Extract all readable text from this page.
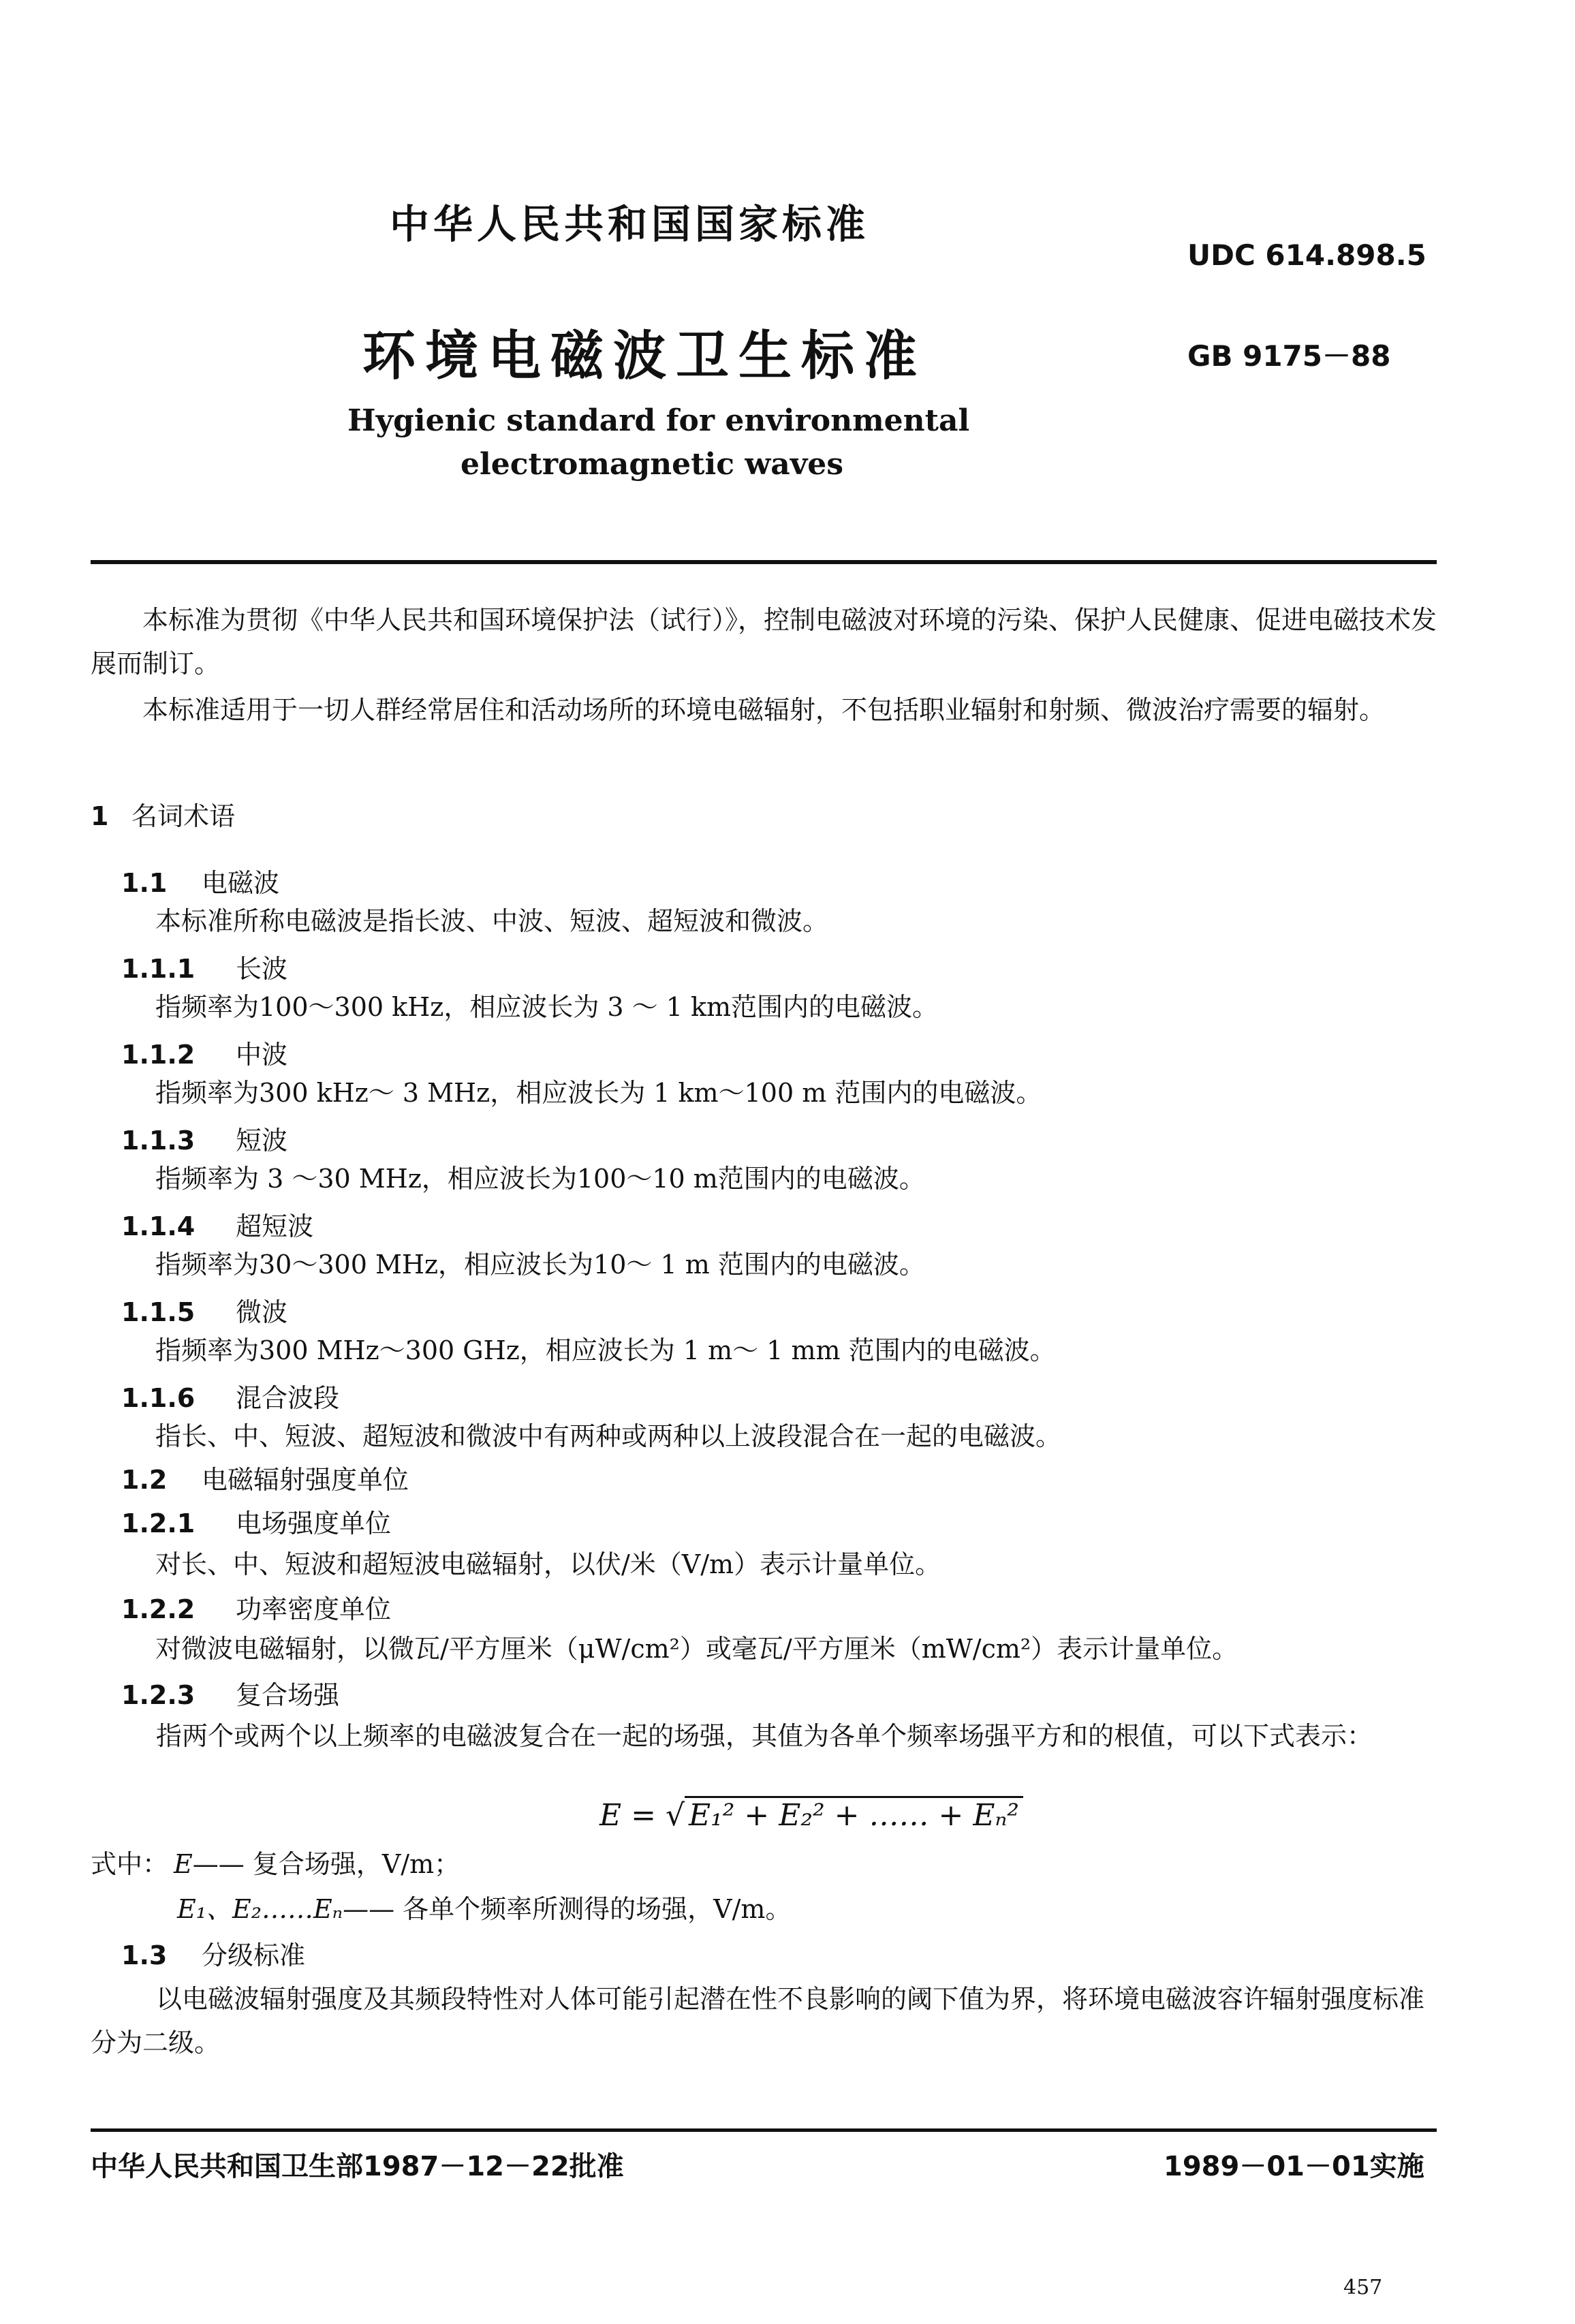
中华人民共和国国家标准
UDC 614.898.5
环境电磁波卫生标准	GB 9175－88
Hygienic standard for environmental
electromagnetic waves
本标准为贯彻《中华人民共和国环境保护法（试行）》，控制电磁波对环境的污染、保护人民健康、促进电磁技术发展而制订。
本标准适用于一切人群经常居住和活动场所的环境电磁辐射，不包括职业辐射和射频、微波治疗需要的辐射。
1 名词术语
1.1 电磁波
本标准所称电磁波是指长波、中波、短波、超短波和微波。
1.1.1 长波
指频率为100～300 kHz，相应波长为 3 ～ 1 km范围内的电磁波。
1.1.2 中波
指频率为300 kHz～ 3 MHz，相应波长为 1 km～100 m 范围内的电磁波。
1.1.3 短波
指频率为 3 ～30 MHz，相应波长为100～10 m范围内的电磁波。
1.1.4 超短波
指频率为30～300 MHz，相应波长为10～ 1 m 范围内的电磁波。
1.1.5 微波
指频率为300 MHz～300 GHz，相应波长为 1 m～ 1 mm 范围内的电磁波。
1.1.6 混合波段
指长、中、短波、超短波和微波中有两种或两种以上波段混合在一起的电磁波。
1.2 电磁辐射强度单位
1.2.1 电场强度单位
对长、中、短波和超短波电磁辐射，以伏/米（V/m）表示计量单位。
1.2.2 功率密度单位
对微波电磁辐射，以微瓦/平方厘米（μW/cm²）或毫瓦/平方厘米（mW/cm²）表示计量单位。
1.2.3 复合场强
指两个或两个以上频率的电磁波复合在一起的场强，其值为各单个频率场强平方和的根值，可以下式表示：
E = √ E₁² + E₂² + …… + Eₙ²
式中： E—— 复合场强，V/m；
E₁、E₂……Eₙ—— 各单个频率所测得的场强，V/m。
1.3 分级标准
以电磁波辐射强度及其频段特性对人体可能引起潜在性不良影响的阈下值为界，将环境电磁波容许辐射强度标准分为二级。
中华人民共和国卫生部1987－12－22批准	1989－01－01实施
457
